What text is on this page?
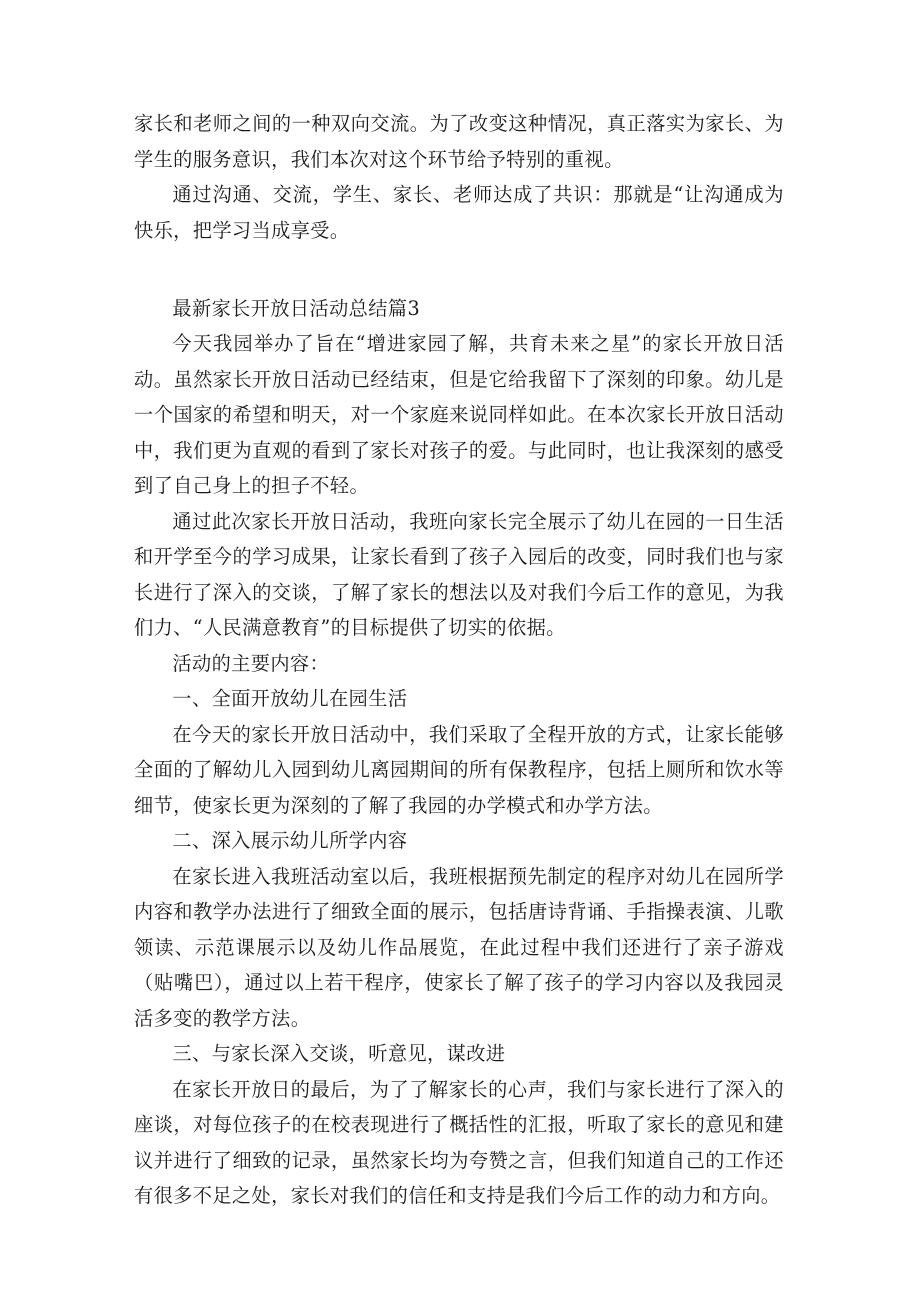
家长和老师之间的一种双向交流。为了改变这种情况，真正落实为家长、为学生的服务意识，我们本次对这个环节给予特别的重视。

通过沟通、交流，学生、家长、老师达成了共识：那就是“让沟通成为快乐，把学习当成享受。

最新家长开放日活动总结篇3

今天我园举办了旨在“增进家园了解，共育未来之星”的家长开放日活动。虽然家长开放日活动已经结束，但是它给我留下了深刻的印象。幼儿是一个国家的希望和明天，对一个家庭来说同样如此。在本次家长开放日活动中，我们更为直观的看到了家长对孩子的爱。与此同时，也让我深刻的感受到了自己身上的担子不轻。

通过此次家长开放日活动，我班向家长完全展示了幼儿在园的一日生活和开学至今的学习成果，让家长看到了孩子入园后的改变，同时我们也与家长进行了深入的交谈，了解了家长的想法以及对我们今后工作的意见，为我们力、“人民满意教育”的目标提供了切实的依据。

活动的主要内容：

一、全面开放幼儿在园生活

在今天的家长开放日活动中，我们采取了全程开放的方式，让家长能够全面的了解幼儿入园到幼儿离园期间的所有保教程序，包括上厕所和饮水等细节，使家长更为深刻的了解了我园的办学模式和办学方法。

二、深入展示幼儿所学内容

在家长进入我班活动室以后，我班根据预先制定的程序对幼儿在园所学内容和教学办法进行了细致全面的展示，包括唐诗背诵、手指操表演、儿歌领读、示范课展示以及幼儿作品展览，在此过程中我们还进行了亲子游戏（贴嘴巴），通过以上若干程序，使家长了解了孩子的学习内容以及我园灵活多变的教学方法。

三、与家长深入交谈，听意见，谋改进

在家长开放日的最后，为了了解家长的心声，我们与家长进行了深入的座谈，对每位孩子的在校表现进行了概括性的汇报，听取了家长的意见和建议并进行了细致的记录，虽然家长均为夸赞之言，但我们知道自己的工作还有很多不足之处，家长对我们的信任和支持是我们今后工作的动力和方向。
